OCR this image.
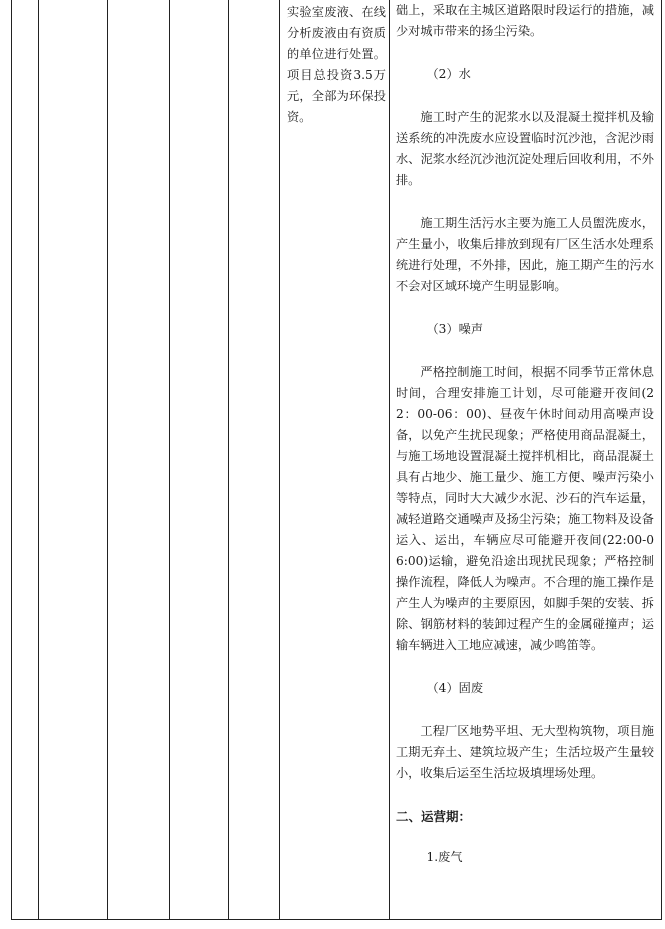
实验室废液、在线分析废液由有资质的单位进行处置。项目总投资3.5万元，全部为环保投资。

础上，采取在主城区道路限时段运行的措施，减少对城市带来的扬尘污染。

（2）水

施工时产生的泥浆水以及混凝土搅拌机及输送系统的冲洗废水应设置临时沉沙池，含泥沙雨水、泥浆水经沉沙池沉淀处理后回收利用，不外排。

施工期生活污水主要为施工人员盥洗废水，产生量小，收集后排放到现有厂区生活水处理系统进行处理，不外排，因此，施工期产生的污水不会对区域环境产生明显影响。

（3）噪声

严格控制施工时间，根据不同季节正常休息时间，合理安排施工计划，尽可能避开夜间(22：00-06：00)、昼夜午休时间动用高噪声设备，以免产生扰民现象；严格使用商品混凝土，与施工场地设置混凝土搅拌机相比，商品混凝土具有占地少、施工量少、施工方便、噪声污染小等特点，同时大大减少水泥、沙石的汽车运量，减轻道路交通噪声及扬尘污染；施工物料及设备运入、运出，车辆应尽可能避开夜间(22:00-06:00)运输，避免沿途出现扰民现象；严格控制操作流程，降低人为噪声。不合理的施工操作是产生人为噪声的主要原因，如脚手架的安装、拆除、钢筋材料的装卸过程产生的金属碰撞声；运输车辆进入工地应减速，减少鸣笛等。

（4）固废

工程厂区地势平坦、无大型构筑物，项目施工期无弃土、建筑垃圾产生；生活垃圾产生量较小，收集后运至生活垃圾填埋场处理。

二、运营期：

1.废气
